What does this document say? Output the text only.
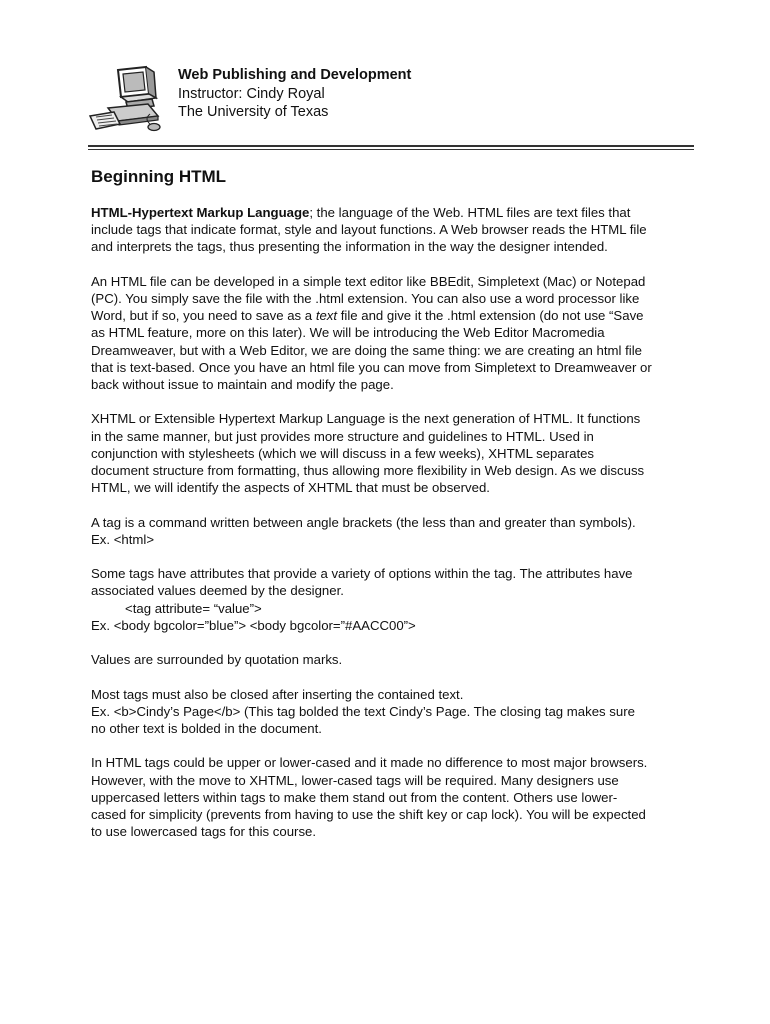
Web Publishing and Development
Instructor: Cindy Royal
The University of Texas
Beginning HTML

HTML-Hypertext Markup Language; the language of the Web. HTML files are text files that
include tags that indicate format, style and layout functions. A Web browser reads the HTML file
and interprets the tags, thus presenting the information in the way the designer intended.

An HTML file can be developed in a simple text editor like BBEdit, Simpletext (Mac) or Notepad
(PC). You simply save the file with the .html extension. You can also use a word processor like
Word, but if so, you need to save as a text file and give it the .html extension (do not use “Save
as HTML feature, more on this later). We will be introducing the Web Editor Macromedia
Dreamweaver, but with a Web Editor, we are doing the same thing: we are creating an html file
that is text-based. Once you have an html file you can move from Simpletext to Dreamweaver or
back without issue to maintain and modify the page.

XHTML or Extensible Hypertext Markup Language is the next generation of HTML. It functions
in the same manner, but just provides more structure and guidelines to HTML. Used in
conjunction with stylesheets (which we will discuss in a few weeks), XHTML separates
document structure from formatting, thus allowing more flexibility in Web design. As we discuss
HTML, we will identify the aspects of XHTML that must be observed.

A tag is a command written between angle brackets (the less than and greater than symbols).
Ex. <html>

Some tags have attributes that provide a variety of options within the tag. The attributes have
associated values deemed by the designer.
<tag attribute= “value”>
Ex. <body bgcolor=”blue”> <body bgcolor=”#AACC00”>

Values are surrounded by quotation marks.

Most tags must also be closed after inserting the contained text.
Ex. <b>Cindy’s Page</b> (This tag bolded the text Cindy’s Page. The closing tag makes sure
no other text is bolded in the document.

In HTML tags could be upper or lower-cased and it made no difference to most major browsers.
However, with the move to XHTML, lower-cased tags will be required. Many designers use
uppercased letters within tags to make them stand out from the content. Others use lower-
cased for simplicity (prevents from having to use the shift key or cap lock). You will be expected
to use lowercased tags for this course.
